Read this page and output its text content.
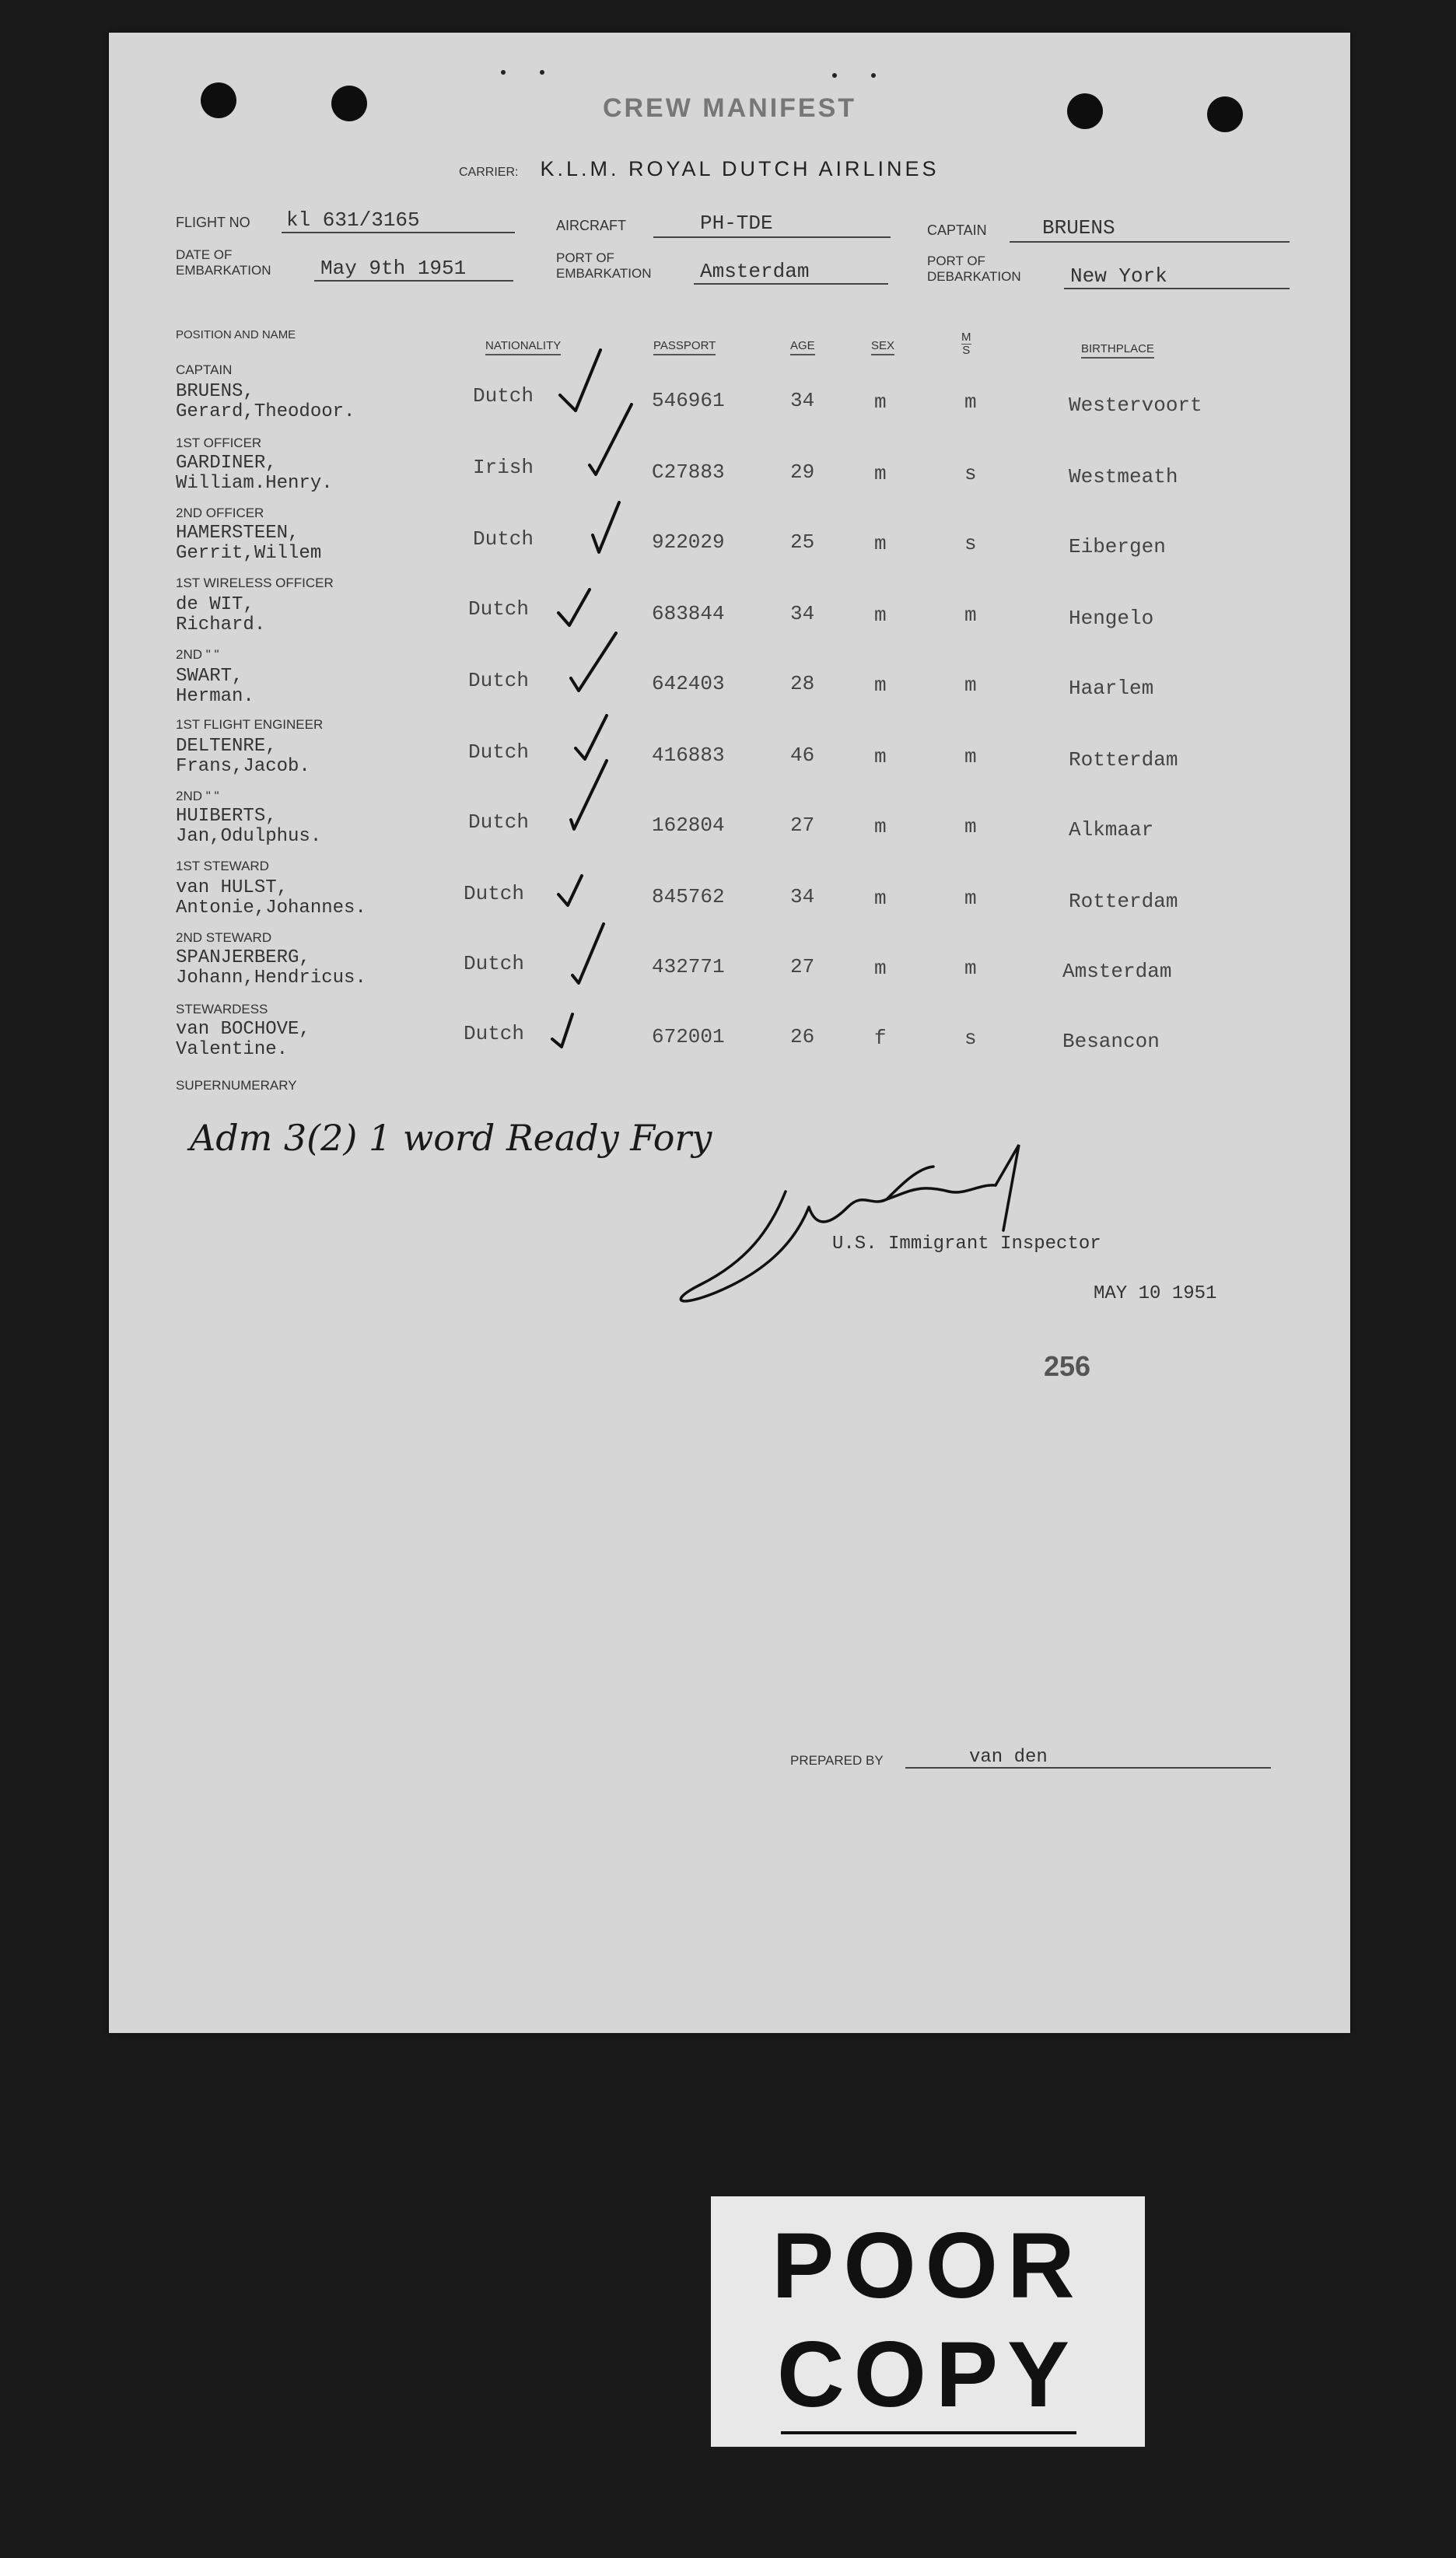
CREW MANIFEST
CARRIER: K.L.M. ROYAL DUTCH AIRLINES
FLIGHT NO kl 631/3165	AIRCRAFT	PH-TDE	CAPTAIN	BRUENS
DATE OF
EMBARKATION May 9th 1951	PORT OF
EMBARKATION Amsterdam	PORT OF
DEBARKATION New York
POSITION AND NAME
NATIONALITY	PASSPORT	AGE	SEX
M
S	BIRTHPLACE
CAPTAIN
BRUENS,
Gerard,Theodoor.
Dutch	546961	34	m	m	Westervoort
1ST OFFICER
GARDINER,
William.Henry.
Irish	C27883	29	m	s	Westmeath
2ND OFFICER
HAMERSTEEN,
Gerrit,Willem
Dutch	922029	25	m	s	Eibergen
1ST WIRELESS OFFICER
de WIT,
Richard.
Dutch	683844	34	m	m	Hengelo
2ND " "
SWART,
Herman.
Dutch	642403	28	m	m	Haarlem
1ST FLIGHT ENGINEER
DELTENRE,
Frans,Jacob.
Dutch	416883	46	m	m	Rotterdam
2ND " "
HUIBERTS,
Jan,Odulphus.
Dutch	162804	27	m	m	Alkmaar
1ST STEWARD
van HULST,
Antonie,Johannes.
Dutch	845762	34	m	m	Rotterdam
2ND STEWARD
SPANJERBERG,
Johann,Hendricus.
Dutch	432771	27	m	m	Amsterdam
STEWARDESS
van BOCHOVE,
Valentine.
Dutch	672001	26	f	s	Besancon
SUPERNUMERARY
Adm 3(2) 1 word Ready Fory
U.S. Immigrant Inspector
MAY 10 1951
256
PREPARED BY	van den
POOR
COPY
